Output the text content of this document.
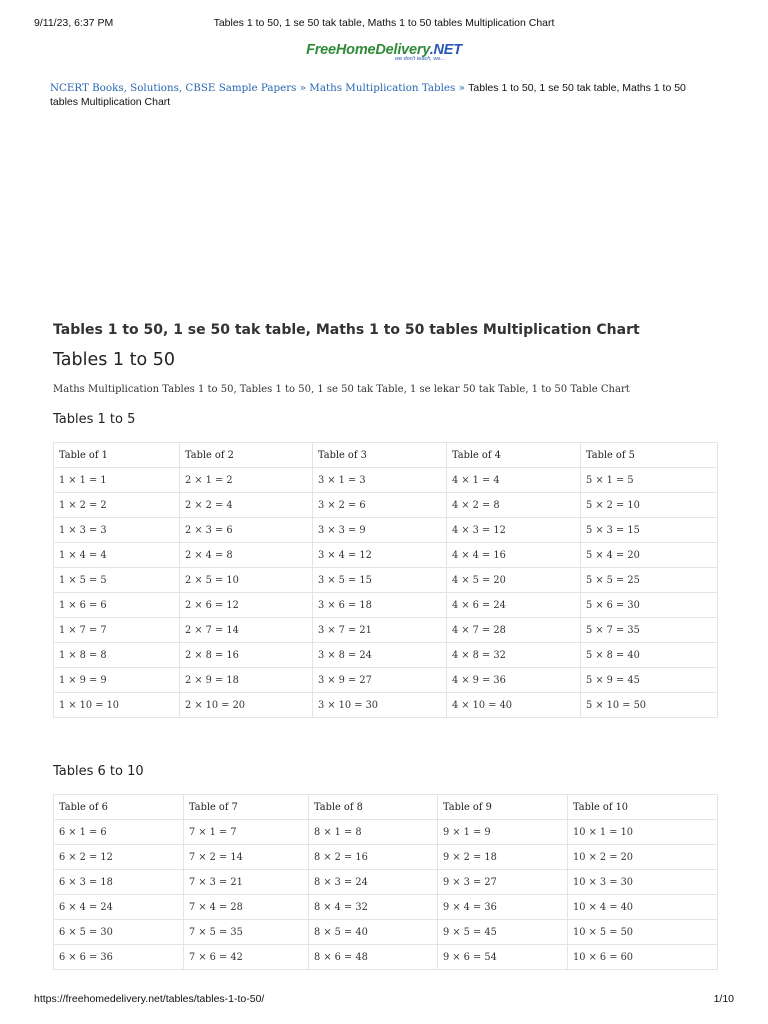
9/11/23, 6:37 PM	Tables 1 to 50, 1 se 50 tak table, Maths 1 to 50 tables Multiplication Chart
FreeHomeDelivery.NET
we don't teach, we...
NCERT Books, Solutions, CBSE Sample Papers » Maths Multiplication Tables » Tables 1 to 50, 1 se 50 tak table, Maths 1 to 50 tables Multiplication Chart
Tables 1 to 50, 1 se 50 tak table, Maths 1 to 50 tables Multiplication Chart
Tables 1 to 50

Maths Multiplication Tables 1 to 50, Tables 1 to 50, 1 se 50 tak Table, 1 se lekar 50 tak Table, 1 to 50 Table Chart

Tables 1 to 5
Table of 1	Table of 2	Table of 3	Table of 4	Table of 5
1 × 1 = 1	2 × 1 = 2	3 × 1 = 3	4 × 1 = 4	5 × 1 = 5
1 × 2 = 2	2 × 2 = 4	3 × 2 = 6	4 × 2 = 8	5 × 2 = 10
1 × 3 = 3	2 × 3 = 6	3 × 3 = 9	4 × 3 = 12	5 × 3 = 15
1 × 4 = 4	2 × 4 = 8	3 × 4 = 12	4 × 4 = 16	5 × 4 = 20
1 × 5 = 5	2 × 5 = 10	3 × 5 = 15	4 × 5 = 20	5 × 5 = 25
1 × 6 = 6	2 × 6 = 12	3 × 6 = 18	4 × 6 = 24	5 × 6 = 30
1 × 7 = 7	2 × 7 = 14	3 × 7 = 21	4 × 7 = 28	5 × 7 = 35
1 × 8 = 8	2 × 8 = 16	3 × 8 = 24	4 × 8 = 32	5 × 8 = 40
1 × 9 = 9	2 × 9 = 18	3 × 9 = 27	4 × 9 = 36	5 × 9 = 45
1 × 10 = 10	2 × 10 = 20	3 × 10 = 30	4 × 10 = 40	5 × 10 = 50
Tables 6 to 10
Table of 6	Table of 7	Table of 8	Table of 9	Table of 10
6 × 1 = 6	7 × 1 = 7	8 × 1 = 8	9 × 1 = 9	10 × 1 = 10
6 × 2 = 12	7 × 2 = 14	8 × 2 = 16	9 × 2 = 18	10 × 2 = 20
6 × 3 = 18	7 × 3 = 21	8 × 3 = 24	9 × 3 = 27	10 × 3 = 30
6 × 4 = 24	7 × 4 = 28	8 × 4 = 32	9 × 4 = 36	10 × 4 = 40
6 × 5 = 30	7 × 5 = 35	8 × 5 = 40	9 × 5 = 45	10 × 5 = 50
6 × 6 = 36	7 × 6 = 42	8 × 6 = 48	9 × 6 = 54	10 × 6 = 60
https://freehomedelivery.net/tables/tables-1-to-50/	1/10
